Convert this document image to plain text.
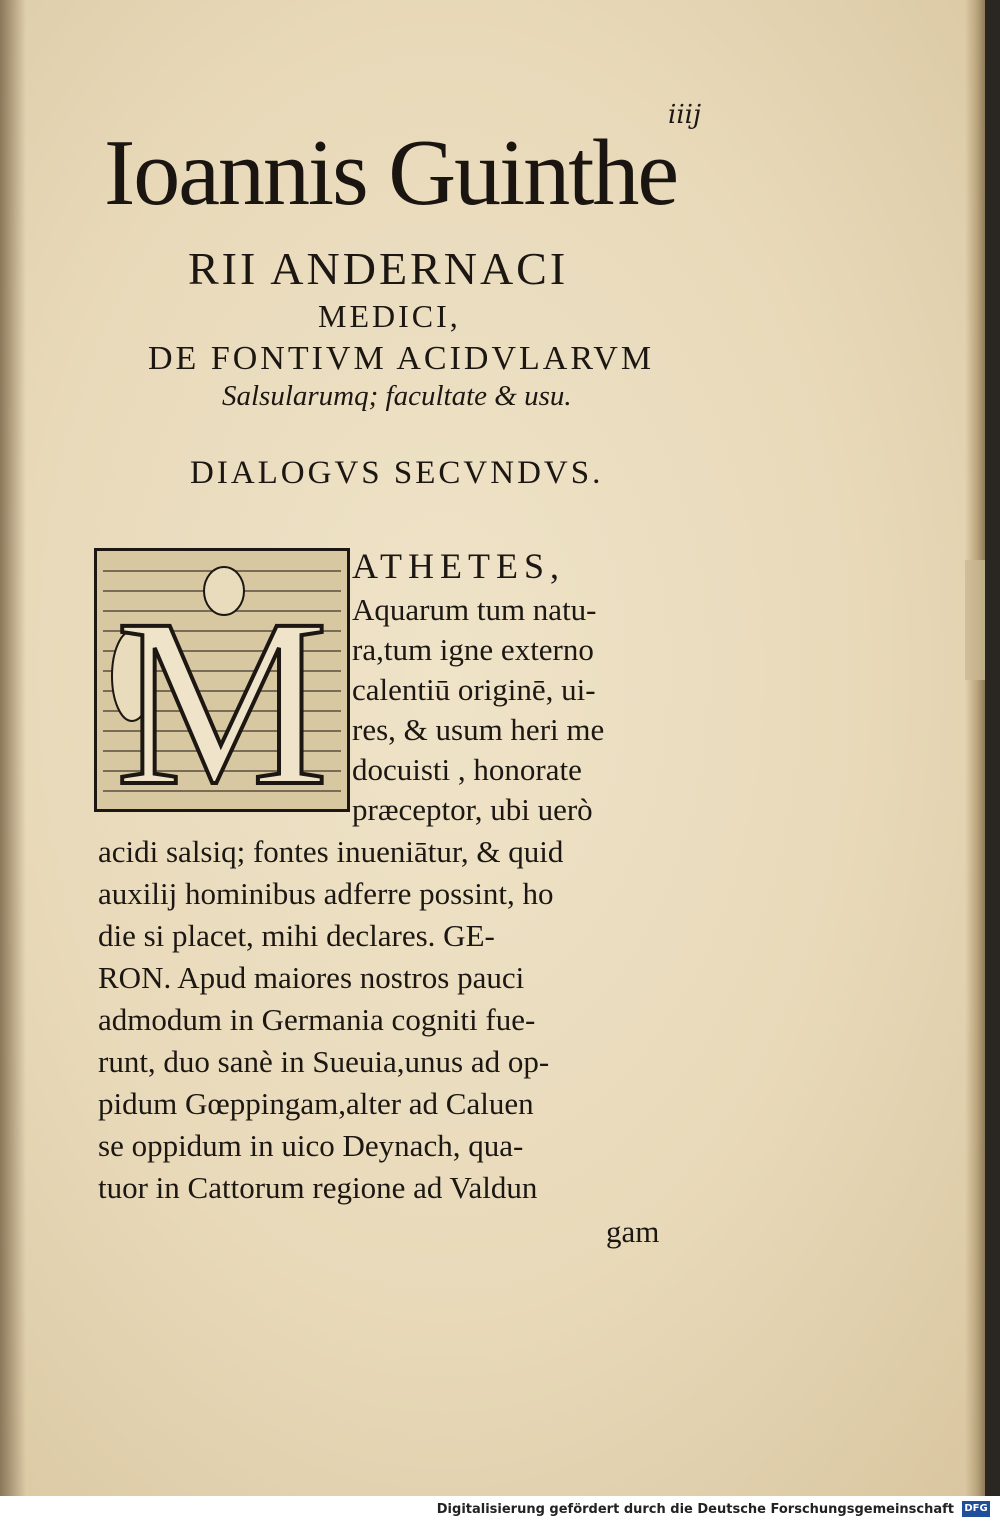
iiij
Ioannis Guinthe
RII ANDERNACI
MEDICI,
DE FONTIVM ACIDVLARVM
Salsularumq; facultate & usu.
DIALOGVS SECVNDVS.
M
ATHETES,
Aquarum tum natu-
ra,tum igne externo
calentiū originē, ui-
res, & usum heri me
docuisti , honorate
præceptor, ubi uerò
acidi salsiq; fontes inueniātur, & quid
auxilij hominibus adferre possint, ho
die si placet, mihi declares. GE-
RON. Apud maiores nostros pauci
admodum in Germania cogniti fue-
runt, duo sanè in Sueuia,unus ad op-
pidum Gœppingam,alter ad Caluen
se oppidum in uico Deynach, qua-
tuor in Cattorum regione ad Valdun
gam
Digitalisierung gefördert durch die Deutsche Forschungsgemeinschaft DFG
